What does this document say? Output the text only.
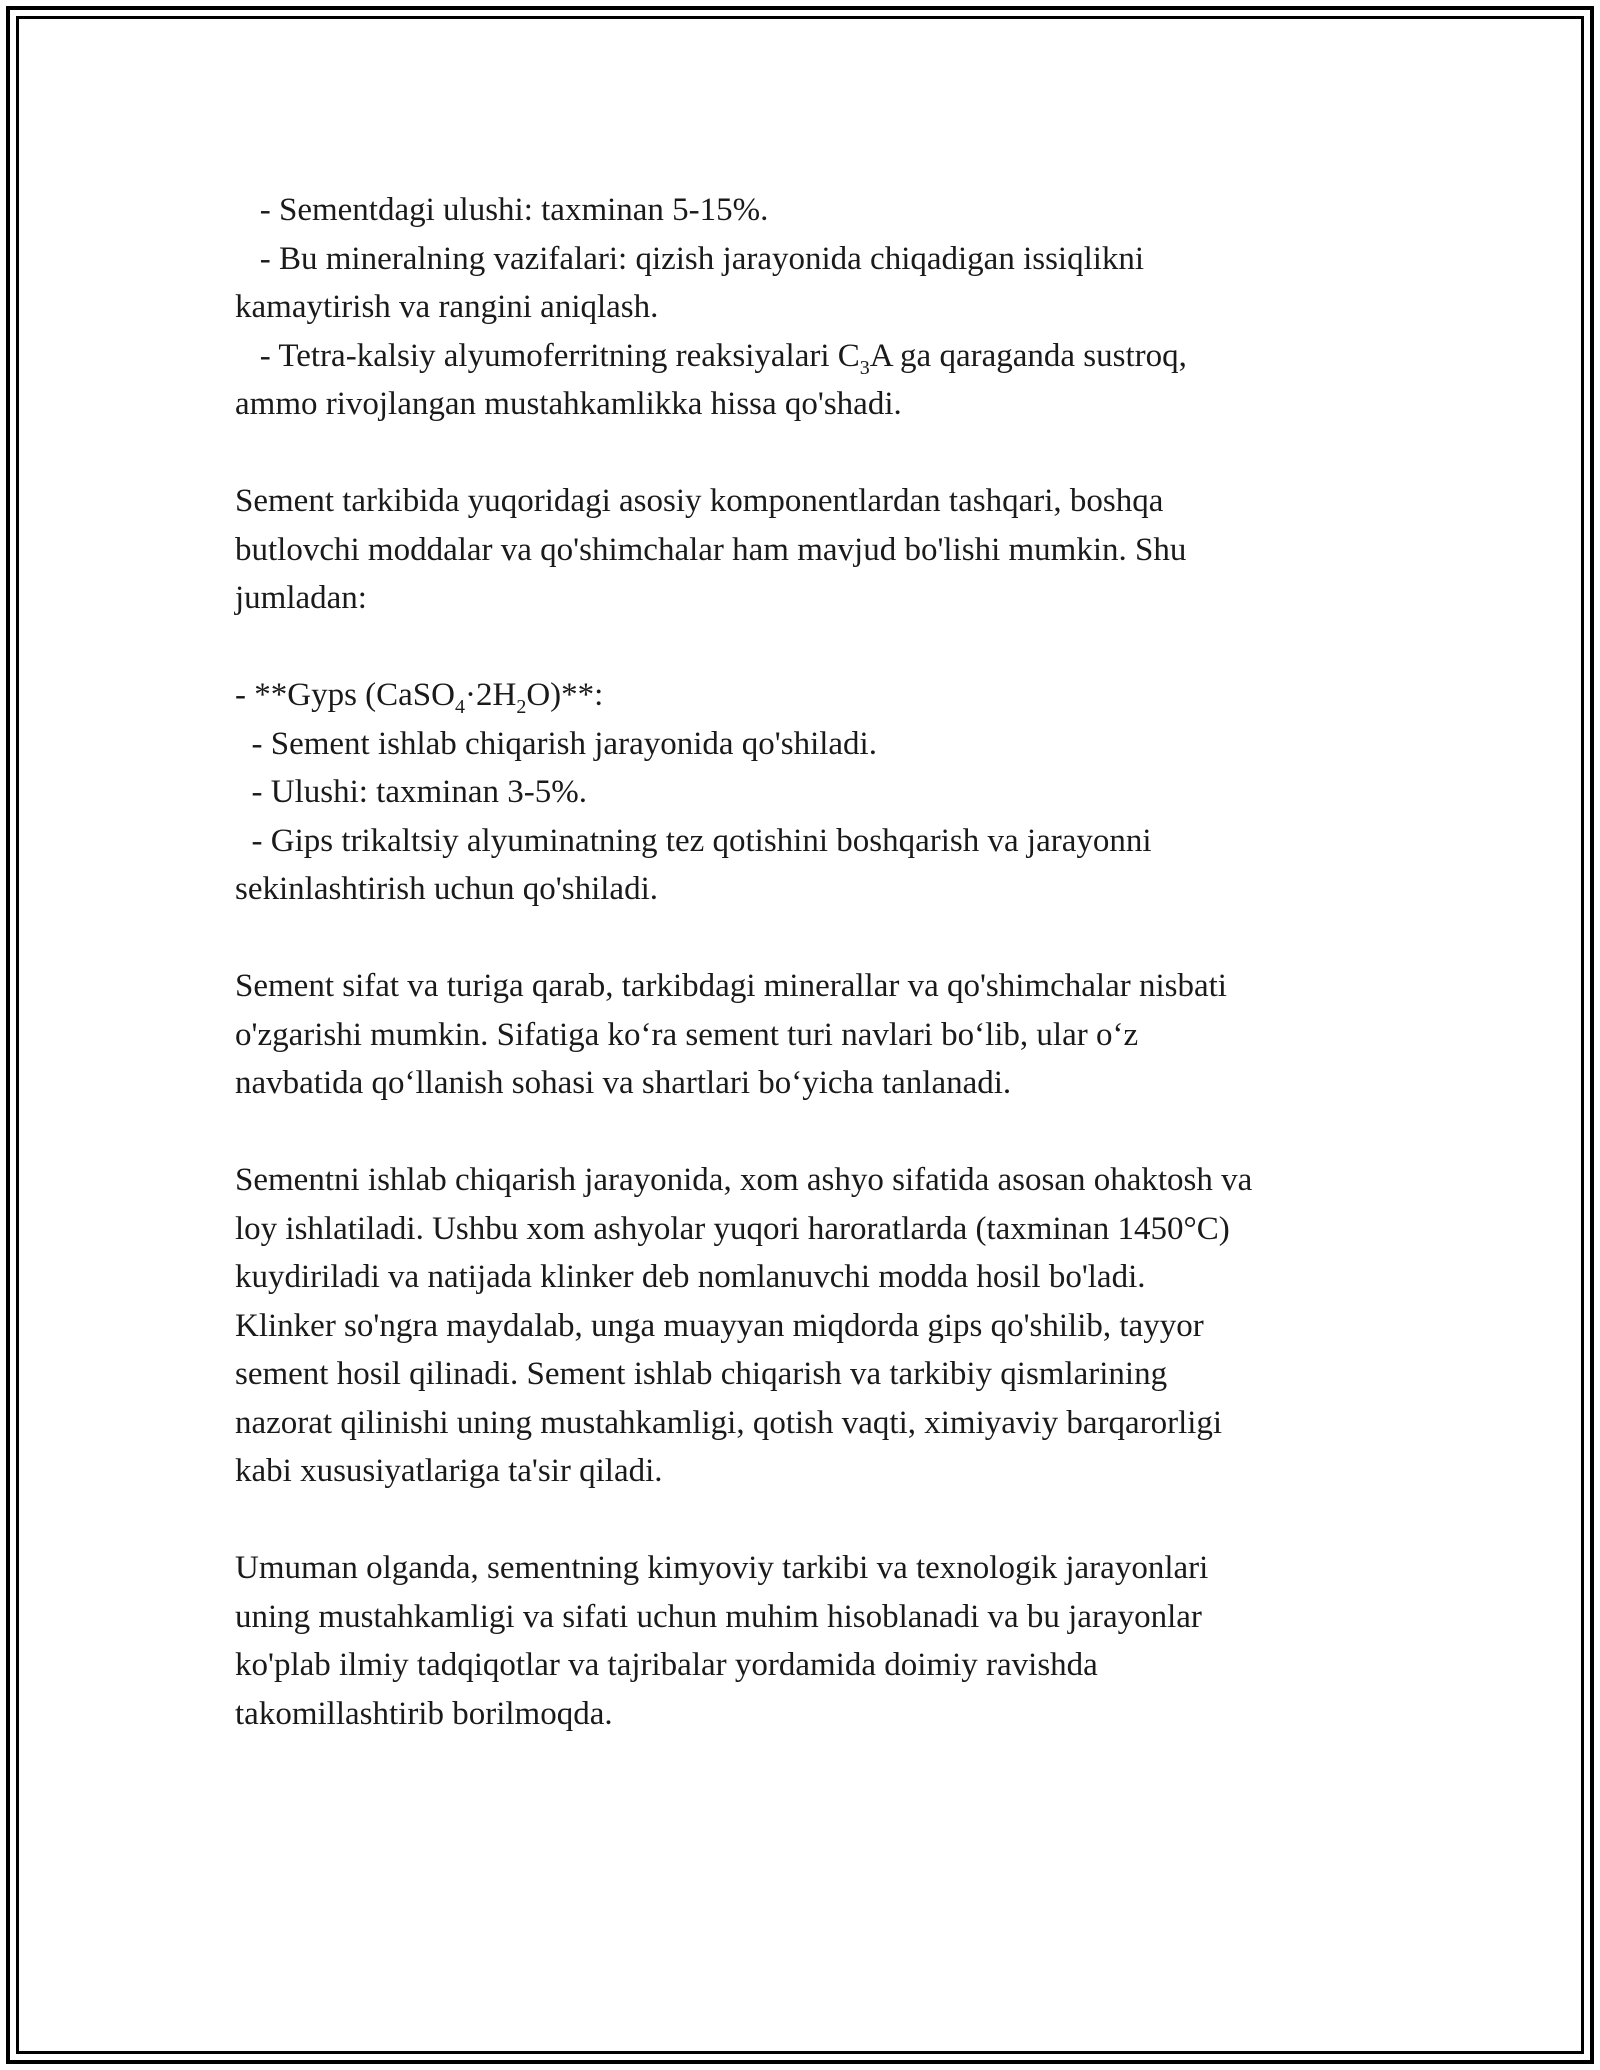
- Sementdagi ulushi: taxminan 5-15%.
- Bu mineralning vazifalari: qizish jarayonida chiqadigan issiqlikni
kamaytirish va rangini aniqlash.
- Tetra-kalsiy alyumoferritning reaksiyalari $C_3A$ ga qaraganda sustroq,
ammo rivojlangan mustahkamlikka hissa qo'shadi.
Sement tarkibida yuqoridagi asosiy komponentlardan tashqari, boshqa
butlovchi moddalar va qo'shimchalar ham mavjud bo'lishi mumkin. Shu
jumladan:
- **Gyps $(CaSO_4\cdot 2H_2O)**$:
- Sement ishlab chiqarish jarayonida qo'shiladi.
- Ulushi: taxminan 3-5%.
- Gips trikaltsiy alyuminatning tez qotishini boshqarish va jarayonni
sekinlashtirish uchun qo'shiladi.
Sement sifat va turiga qarab, tarkibdagi minerallar va qo'shimchalar nisbati
o'zgarishi mumkin. Sifatiga ko‘ra sement turi navlari bo‘lib, ular o‘z
navbatida qo‘llanish sohasi va shartlari bo‘yicha tanlanadi.
Sementni ishlab chiqarish jarayonida, xom ashyo sifatida asosan ohaktosh va
loy ishlatiladi. Ushbu xom ashyolar yuqori haroratlarda (taxminan 1450°C)
kuydiriladi va natijada klinker deb nomlanuvchi modda hosil bo'ladi.
Klinker so'ngra maydalab, unga muayyan miqdorda gips qo'shilib, tayyor
sement hosil qilinadi. Sement ishlab chiqarish va tarkibiy qismlarining
nazorat qilinishi uning mustahkamligi, qotish vaqti, ximiyaviy barqarorligi
kabi xususiyatlariga ta'sir qiladi.
Umuman olganda, sementning kimyoviy tarkibi va texnologik jarayonlari
uning mustahkamligi va sifati uchun muhim hisoblanadi va bu jarayonlar
ko'plab ilmiy tadqiqotlar va tajribalar yordamida doimiy ravishda
takomillashtirib borilmoqda.
